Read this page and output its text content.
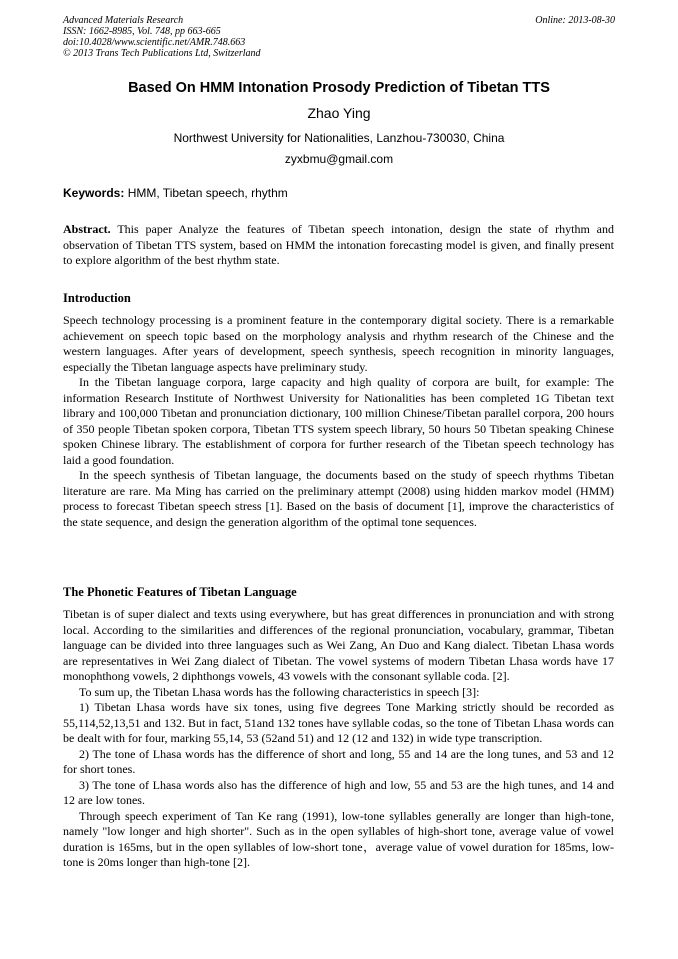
Advanced Materials Research
ISSN: 1662-8985, Vol. 748, pp 663-665
doi:10.4028/www.scientific.net/AMR.748.663
© 2013 Trans Tech Publications Ltd, Switzerland
Online: 2013-08-30
Based On HMM Intonation Prosody Prediction of Tibetan TTS
Zhao Ying
Northwest University for Nationalities, Lanzhou-730030, China
zyxbmu@gmail.com
Keywords: HMM, Tibetan speech, rhythm

Abstract. This paper Analyze the features of Tibetan speech intonation, design the state of rhythm and observation of Tibetan TTS system, based on HMM the intonation forecasting model is given, and finally present to explore algorithm of the best rhythm state.

Introduction

Speech technology processing is a prominent feature in the contemporary digital society. There is a remarkable achievement on speech topic based on the morphology analysis and rhythm research of the Chinese and the western languages. After years of development, speech synthesis, speech recognition in minority languages, especially the Tibetan language aspects have preliminary study.

In the Tibetan language corpora, large capacity and high quality of corpora are built, for example: The information Research Institute of Northwest University for Nationalities has been completed 1G Tibetan text library and 100,000 Tibetan and pronunciation dictionary, 100 million Chinese/Tibetan parallel corpora, 200 hours of 350 people Tibetan spoken corpora, Tibetan TTS system speech library, 50 hours 50 Tibetan speaking Chinese spoken Chinese library. The establishment of corpora for further research of the Tibetan speech technology has laid a good foundation.

In the speech synthesis of Tibetan language, the documents based on the study of speech rhythms Tibetan literature are rare. Ma Ming has carried on the preliminary attempt (2008) using hidden markov model (HMM) process to forecast Tibetan speech stress [1]. Based on the basis of document [1], improve the characteristics of the state sequence, and design the generation algorithm of the optimal tone sequences.

The Phonetic Features of Tibetan Language

Tibetan is of super dialect and texts using everywhere, but has great differences in pronunciation and with strong local. According to the similarities and differences of the regional pronunciation, vocabulary, grammar, Tibetan language can be divided into three languages such as Wei Zang, An Duo and Kang dialect. Tibetan Lhasa words are representatives in Wei Zang dialect of Tibetan. The vowel systems of modern Tibetan Lhasa words have 17 monophthong vowels, 2 diphthongs vowels, 43 vowels with the consonant syllable coda. [2].

To sum up, the Tibetan Lhasa words has the following characteristics in speech [3]:

1) Tibetan Lhasa words have six tones, using five degrees Tone Marking strictly should be recorded as 55,114,52,13,51 and 132. But in fact, 51and 132 tones have syllable codas, so the tone of Tibetan Lhasa words can be dealt with for four, marking 55,14, 53 (52and 51) and 12 (12 and 132) in wide type transcription.

2) The tone of Lhasa words has the difference of short and long, 55 and 14 are the long tunes, and 53 and 12 for short tones.

3) The tone of Lhasa words also has the difference of high and low, 55 and 53 are the high tunes, and 14 and 12 are low tones.

Through speech experiment of Tan Ke rang (1991), low-tone syllables generally are longer than high-tone, namely "low longer and high shorter". Such as in the open syllables of high-short tone, average value of vowel duration is 165ms, but in the open syllables of low-short tone，average value of vowel duration for 185ms, low-tone is 20ms longer than high-tone [2].
